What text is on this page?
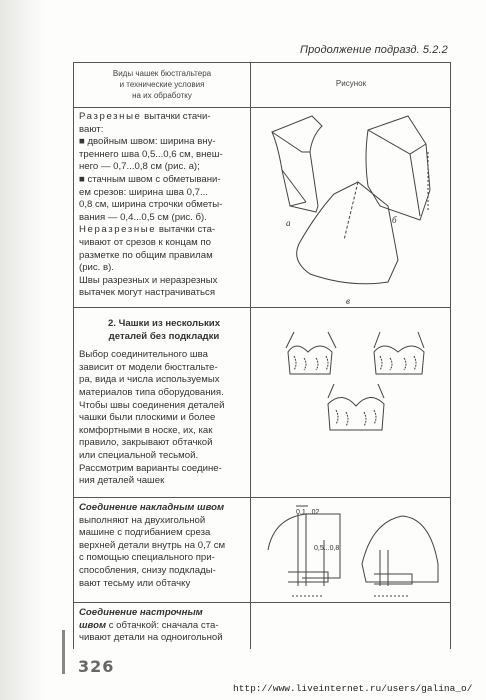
Продолжение подразд. 5.2.2
Виды чашек бюстгальтера
и технические условия
на их обработку
Рисунок
Разрезные вытачки стачи-
вают:
■ двойным швом: ширина вну-
треннего шва 0,5...0,6 см, внеш-
него — 0,7...0,8 см (рис. а);
■ стачным швом с обметывани-
ем срезов: ширина шва 0,7...
0,8 см, ширина строчки обметы-
вания — 0,4...0,5 см (рис. б).
Неразрезные вытачки ста-
чивают от срезов к концам по
разметке по общим правилам
(рис. в).
Швы разрезных и неразрезных
вытачек могут настрачиваться
2. Чашки из нескольких
деталей без подкладки
Выбор соединительного шва
зависит от модели бюстгальте-
ра, вида и числа используемых
материалов типа оборудования.
Чтобы швы соединения деталей
чашки были плоскими и более
комфортными в носке, их, как
правило, закрывают обтачкой
или специальной тесьмой.
Рассмотрим варианты соедине-
ния деталей чашек
Соединение накладным швом
выполняют на двухигольной
машине с подгибанием среза
верхней детали внутрь на 0,7 см
с помощью специального при-
способления, снизу подклады-
вают тесьму или обтачку
Соединение настрочным
швом с обтачкой: сначала ста-
чивают детали на одноигольной
а	б
в
0,1...02
0,5...0,8
326
http://www.liveinternet.ru/users/galina_o/
